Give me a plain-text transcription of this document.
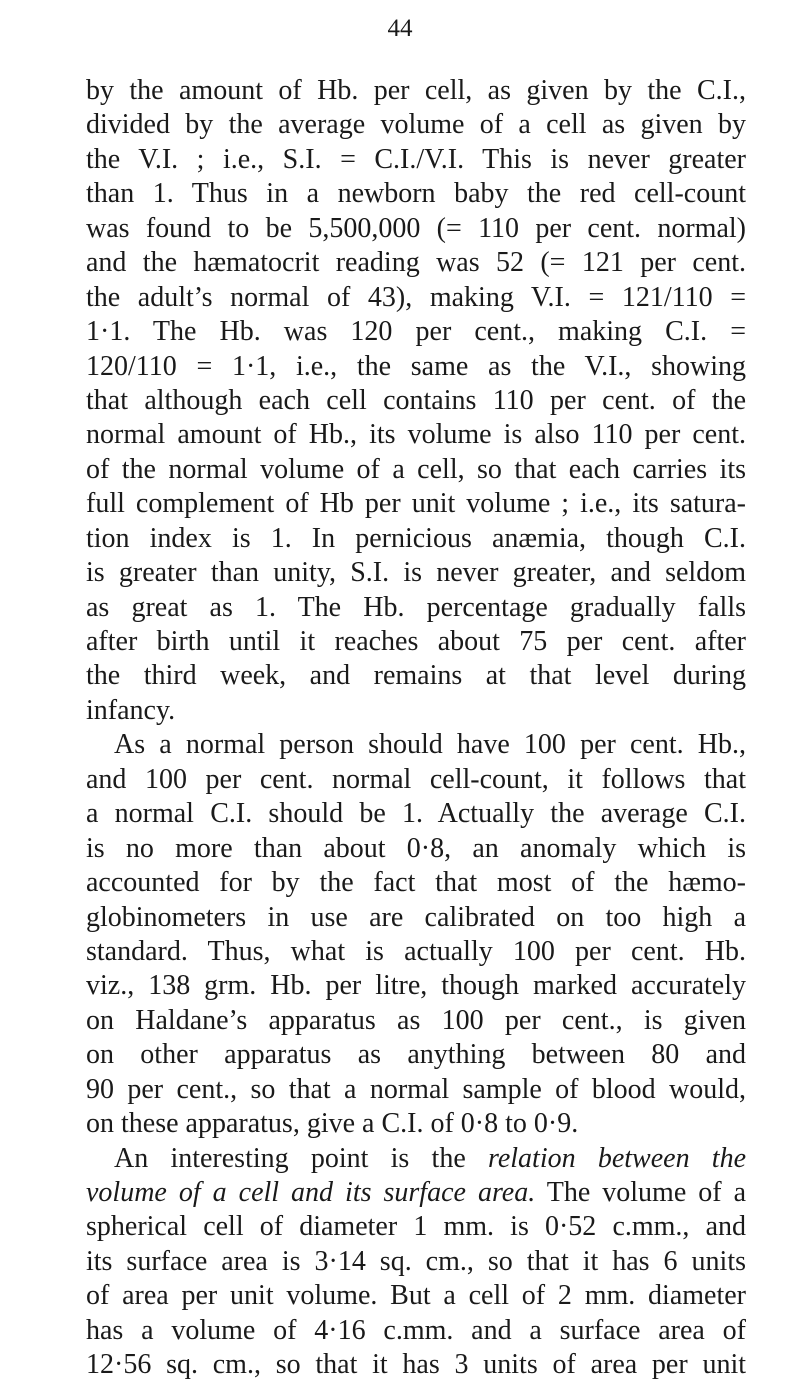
44
by the amount of Hb. per cell, as given by the C.I.,
divided by the average volume of a cell as given by
the V.I. ; i.e., S.I. = C.I./V.I. This is never greater
than 1. Thus in a newborn baby the red cell-count
was found to be 5,500,000 (= 110 per cent. normal)
and the hæmatocrit reading was 52 (= 121 per cent.
the adult’s normal of 43), making V.I. = 121/110 =
1·1. The Hb. was 120 per cent., making C.I. =
120/110 = 1·1, i.e., the same as the V.I., showing
that although each cell contains 110 per cent. of the
normal amount of Hb., its volume is also 110 per cent.
of the normal volume of a cell, so that each carries its
full complement of Hb per unit volume ; i.e., its satura-
tion index is 1. In pernicious anæmia, though C.I.
is greater than unity, S.I. is never greater, and seldom
as great as 1. The Hb. percentage gradually falls
after birth until it reaches about 75 per cent. after
the third week, and remains at that level during
infancy.
As a normal person should have 100 per cent. Hb.,
and 100 per cent. normal cell-count, it follows that
a normal C.I. should be 1. Actually the average C.I.
is no more than about 0·8, an anomaly which is
accounted for by the fact that most of the hæmo-
globinometers in use are calibrated on too high a
standard. Thus, what is actually 100 per cent. Hb.
viz., 138 grm. Hb. per litre, though marked accurately
on Haldane’s apparatus as 100 per cent., is given
on other apparatus as anything between 80 and
90 per cent., so that a normal sample of blood would,
on these apparatus, give a C.I. of 0·8 to 0·9.
An interesting point is the relation between the
volume of a cell and its surface area. The volume of a
spherical cell of diameter 1 mm. is 0·52 c.mm., and
its surface area is 3·14 sq. cm., so that it has 6 units
of area per unit volume. But a cell of 2 mm. diameter
has a volume of 4·16 c.mm. and a surface area of
12·56 sq. cm., so that it has 3 units of area per unit
